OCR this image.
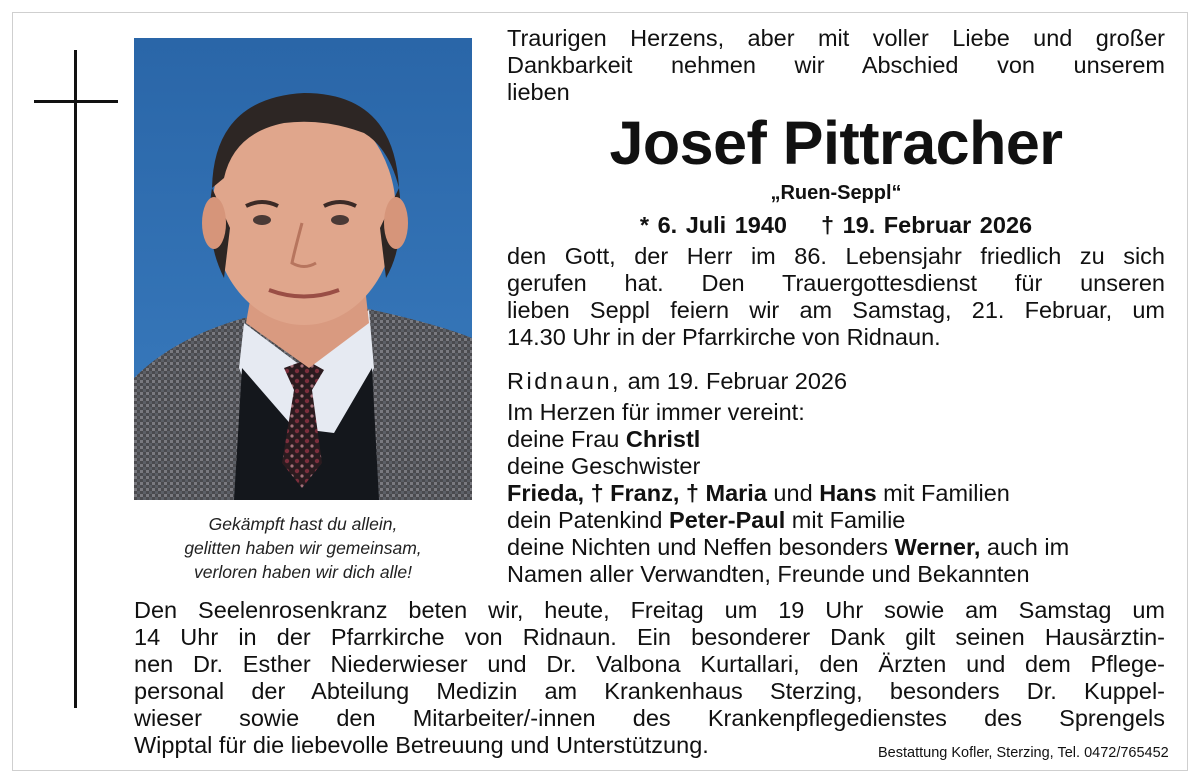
Gekämpft hast du allein,
gelitten haben wir gemeinsam,
verloren haben wir dich alle!
Traurigen Herzens, aber mit voller Liebe und großer
Dankbarkeit nehmen wir Abschied von unserem
lieben
Josef Pittracher
„Ruen-Seppl“
* 6. Juli 1940 † 19. Februar 2026
den Gott, der Herr im 86. Lebensjahr friedlich zu sich
gerufen hat. Den Trauergottesdienst für unseren
lieben Seppl feiern wir am Samstag, 21. Februar, um
14.30 Uhr in der Pfarrkirche von Ridnaun.
Ridnaun, am 19. Februar 2026
Im Herzen für immer vereint:
deine Frau Christl
deine Geschwister
Frieda, † Franz, † Maria und Hans mit Familien
dein Patenkind Peter-Paul mit Familie
deine Nichten und Neffen besonders Werner, auch im
Namen aller Verwandten, Freunde und Bekannten
Den Seelenrosenkranz beten wir, heute, Freitag um 19 Uhr sowie am Samstag um
14 Uhr in der Pfarrkirche von Ridnaun. Ein besonderer Dank gilt seinen Hausärztin-
nen Dr. Esther Niederwieser und Dr. Valbona Kurtallari, den Ärzten und dem Pflege-
personal der Abteilung Medizin am Krankenhaus Sterzing, besonders Dr. Kuppel-
wieser sowie den Mitarbeiter/-innen des Krankenpflegedienstes des Sprengels
Wipptal für die liebevolle Betreuung und Unterstützung.	Bestattung Kofler, Sterzing, Tel. 0472/765452
